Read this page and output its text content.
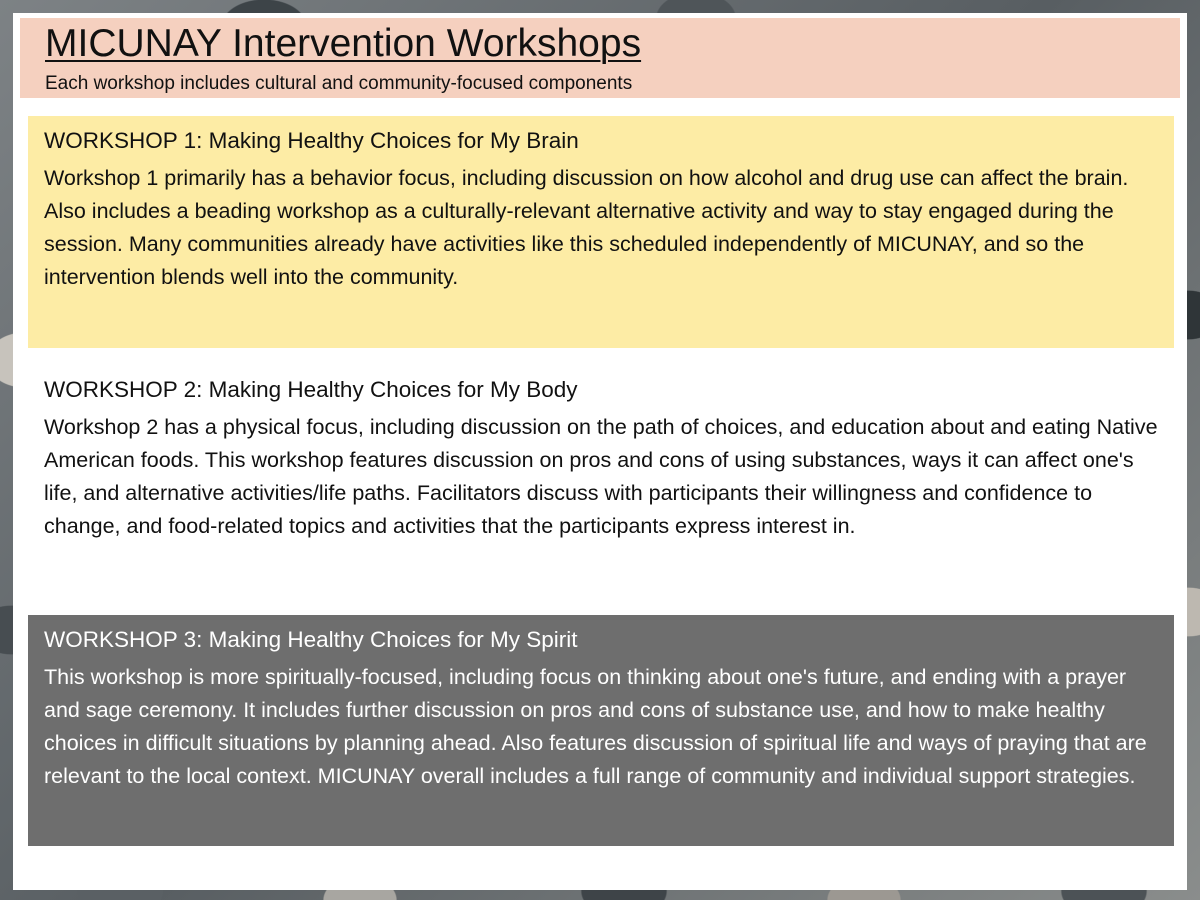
MICUNAY Intervention Workshops

Each workshop includes cultural and community-focused components

WORKSHOP 1: Making Healthy Choices for My Brain

Workshop 1 primarily has a behavior focus, including discussion on how alcohol and drug use can affect the brain. Also includes a beading workshop as a culturally-relevant alternative activity and way to stay engaged during the session. Many communities already have activities like this scheduled independently of MICUNAY, and so the intervention blends well into the community.

WORKSHOP 2: Making Healthy Choices for My Body

Workshop 2 has a physical focus, including discussion on the path of choices, and education about and eating Native American foods. This workshop features discussion on pros and cons of using substances, ways it can affect one's life, and alternative activities/life paths. Facilitators discuss with participants their willingness and confidence to change, and food-related topics and activities that the participants express interest in.

WORKSHOP 3: Making Healthy Choices for My Spirit

This workshop is more spiritually-focused, including focus on thinking about one's future, and ending with a prayer and sage ceremony. It includes further discussion on pros and cons of substance use, and how to make healthy choices in difficult situations by planning ahead. Also features discussion of spiritual life and ways of praying that are relevant to the local context. MICUNAY overall includes a full range of community and individual support strategies.
